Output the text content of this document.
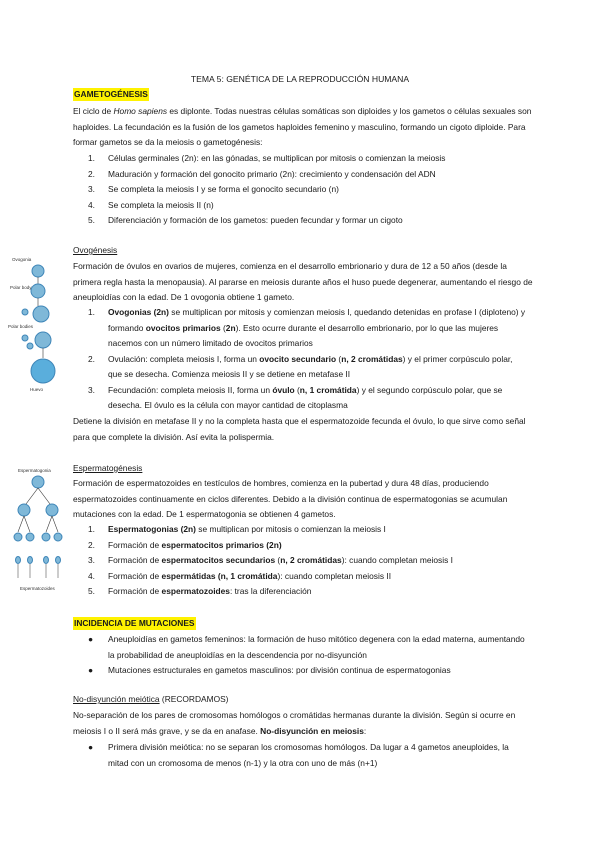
TEMA 5: GENÉTICA DE LA REPRODUCCIÓN HUMANA
GAMETOGÉNESIS
El ciclo de Homo sapiens es diplonte. Todas nuestras células somáticas son diploides y los gametos o células sexuales son haploides. La fecundación es la fusión de los gametos haploides femenino y masculino, formando un cigoto diploide. Para formar gametos se da la meiosis o gametogénesis:
1. Células germinales (2n): en las gónadas, se multiplican por mitosis o comienzan la meiosis
2. Maduración y formación del gonocito primario (2n): crecimiento y condensación del ADN
3. Se completa la meiosis I y se forma el gonocito secundario (n)
4. Se completa la meiosis II (n)
5. Diferenciación y formación de los gametos: pueden fecundar y formar un cigoto
Ovogonia
Polar body
Polar bodies
Huevo
Ovogénesis
Formación de óvulos en ovarios de mujeres, comienza en el desarrollo embrionario y dura de 12 a 50 años (desde la primera regla hasta la menopausia). Al pararse en meiosis durante años el huso puede degenerar, aumentando el riesgo de aneuploidías con la edad. De 1 ovogonia obtiene 1 gameto.
1. Ovogonias (2n) se multiplican por mitosis y comienzan meiosis I, quedando detenidas en profase I (diploteno) y formando ovocitos primarios (2n). Esto ocurre durante el desarrollo embrionario, por lo que las mujeres nacemos con un número limitado de ovocitos primarios
2. Ovulación: completa meiosis I, forma un ovocito secundario (n, 2 cromátidas) y el primer corpúsculo polar, que se desecha. Comienza meiosis II y se detiene en metafase II
3. Fecundación: completa meiosis II, forma un óvulo (n, 1 cromátida) y el segundo corpúsculo polar, que se desecha. El óvulo es la célula con mayor cantidad de citoplasma
Detiene la división en metafase II y no la completa hasta que el espermatozoide fecunda el óvulo, lo que sirve como señal para que complete la división. Así evita la polispermia.
Espermatogonia
Espermatozoides
Espermatogénesis
Formación de espermatozoides en testículos de hombres, comienza en la pubertad y dura 48 días, produciendo espermatozoides continuamente en ciclos diferentes. Debido a la división continua de espermatogonias se acumulan mutaciones con la edad. De 1 espermatogonia se obtienen 4 gametos.
1. Espermatogonias (2n) se multiplican por mitosis o comienzan la meiosis I
2. Formación de espermatocitos primarios (2n)
3. Formación de espermatocitos secundarios (n, 2 cromátidas): cuando completan meiosis I
4. Formación de espermátidas (n, 1 cromátida): cuando completan meiosis II
5. Formación de espermatozoides: tras la diferenciación
INCIDENCIA DE MUTACIONES
● Aneuploidías en gametos femeninos: la formación de huso mitótico degenera con la edad materna, aumentando la probabilidad de aneuploidías en la descendencia por no-disyunción
● Mutaciones estructurales en gametos masculinos: por división continua de espermatogonias
No-disyunción meiótica (RECORDAMOS)
No-separación de los pares de cromosomas homólogos o cromátidas hermanas durante la división. Según si ocurre en meiosis I o II será más grave, y se da en anafase. No-disyunción en meiosis:
● Primera división meiótica: no se separan los cromosomas homólogos. Da lugar a 4 gametos aneuploides, la mitad con un cromosoma de menos (n-1) y la otra con uno de más (n+1)
